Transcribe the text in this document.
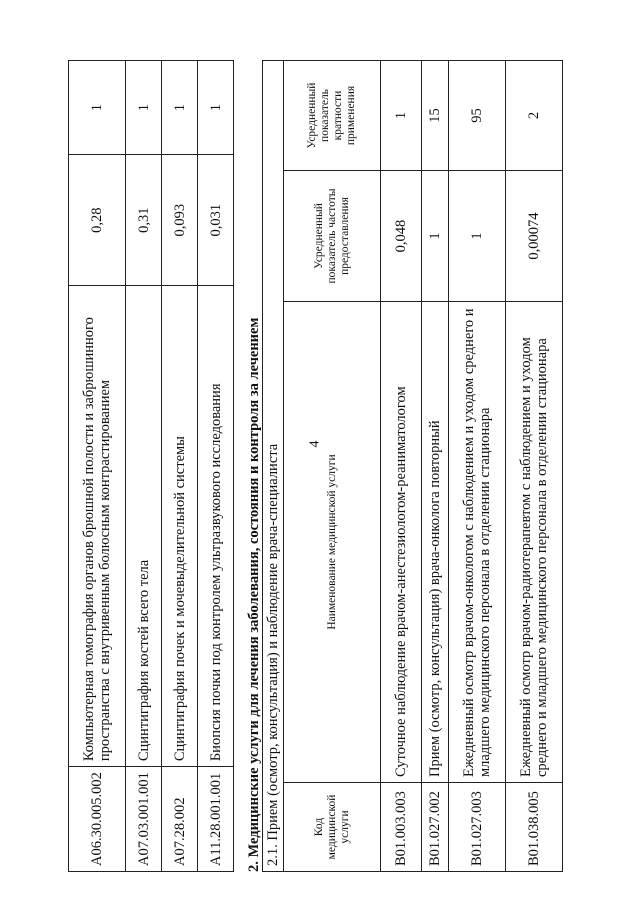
4
A06.30.005.002	Компьютерная томография органов брюшной полости и забрюшинного пространства с внутривенным болюсным контрастированием	0,28	1
A07.03.001.001	Сцинтиграфия костей всего тела	0,31	1
A07.28.002	Сцинтиграфия почек и мочевыделительной системы	0,093	1
A11.28.001.001	Биопсия почки под контролем ультразвукового исследования	0,031	1
2. Медицинские услуги для лечения заболевания, состояния и контроля за лечением 2.1. Прием (осмотр, консультация) и наблюдение врача-специалиста			
Код медицинской услуги	Наименование медицинской услуги	Усредненный показатель частоты предоставления	Усредненный показатель кратности применения
B01.003.003	Суточное наблюдение врачом-анестезиологом-реаниматологом	0,048	1
B01.027.002	Прием (осмотр, консультация) врача-онколога повторный	1	15
B01.027.003	Ежедневный осмотр врачом-онкологом с наблюдением и уходом среднего и младшего медицинского персонала в отделении стационара	1	95
B01.038.005	Ежедневный осмотр врачом-радиотерапевтом с наблюдением и уходом среднего и младшего медицинского персонала в отделении стационара	0,00074	2
